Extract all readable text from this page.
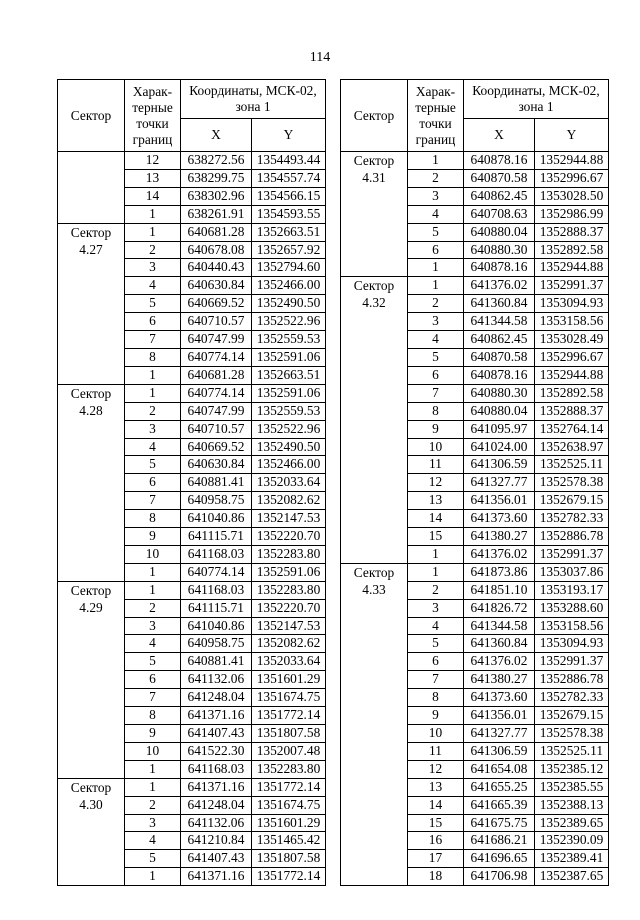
114
Сектор	Харак-терные точки границ	Координаты, МСК-02, зона 1	
		X	Y
	12	638272.56	1354493.44
	13	638299.75	1354557.74
	14	638302.96	1354566.15
	1	638261.91	1354593.55
Сектор 4.27	1	640681.28	1352663.51
	2	640678.08	1352657.92
	3	640440.43	1352794.60
	4	640630.84	1352466.00
	5	640669.52	1352490.50
	6	640710.57	1352522.96
	7	640747.99	1352559.53
	8	640774.14	1352591.06
	1	640681.28	1352663.51
Сектор 4.28	1	640774.14	1352591.06
	2	640747.99	1352559.53
	3	640710.57	1352522.96
	4	640669.52	1352490.50
	5	640630.84	1352466.00
	6	640881.41	1352033.64
	7	640958.75	1352082.62
	8	641040.86	1352147.53
	9	641115.71	1352220.70
	10	641168.03	1352283.80
	1	640774.14	1352591.06
Сектор 4.29	1	641168.03	1352283.80
	2	641115.71	1352220.70
	3	641040.86	1352147.53
	4	640958.75	1352082.62
	5	640881.41	1352033.64
	6	641132.06	1351601.29
	7	641248.04	1351674.75
	8	641371.16	1351772.14
	9	641407.43	1351807.58
	10	641522.30	1352007.48
	1	641168.03	1352283.80
Сектор 4.30	1	641371.16	1351772.14
	2	641248.04	1351674.75
	3	641132.06	1351601.29
	4	641210.84	1351465.42
	5	641407.43	1351807.58
	1	641371.16	1351772.14
Сектор	Харак-терные точки границ	Координаты, МСК-02, зона 1	
		X	Y
Сектор 4.31	1	640878.16	1352944.88
	2	640870.58	1352996.67
	3	640862.45	1353028.50
	4	640708.63	1352986.99
	5	640880.04	1352888.37
	6	640880.30	1352892.58
	1	640878.16	1352944.88
Сектор 4.32	1	641376.02	1352991.37
	2	641360.84	1353094.93
	3	641344.58	1353158.56
	4	640862.45	1353028.49
	5	640870.58	1352996.67
	6	640878.16	1352944.88
	7	640880.30	1352892.58
	8	640880.04	1352888.37
	9	641095.97	1352764.14
	10	641024.00	1352638.97
	11	641306.59	1352525.11
	12	641327.77	1352578.38
	13	641356.01	1352679.15
	14	641373.60	1352782.33
	15	641380.27	1352886.78
	1	641376.02	1352991.37
Сектор 4.33	1	641873.86	1353037.86
	2	641851.10	1353193.17
	3	641826.72	1353288.60
	4	641344.58	1353158.56
	5	641360.84	1353094.93
	6	641376.02	1352991.37
	7	641380.27	1352886.78
	8	641373.60	1352782.33
	9	641356.01	1352679.15
	10	641327.77	1352578.38
	11	641306.59	1352525.11
	12	641654.08	1352385.12
	13	641655.25	1352385.55
	14	641665.39	1352388.13
	15	641675.75	1352389.65
	16	641686.21	1352390.09
	17	641696.65	1352389.41
	18	641706.98	1352387.65
